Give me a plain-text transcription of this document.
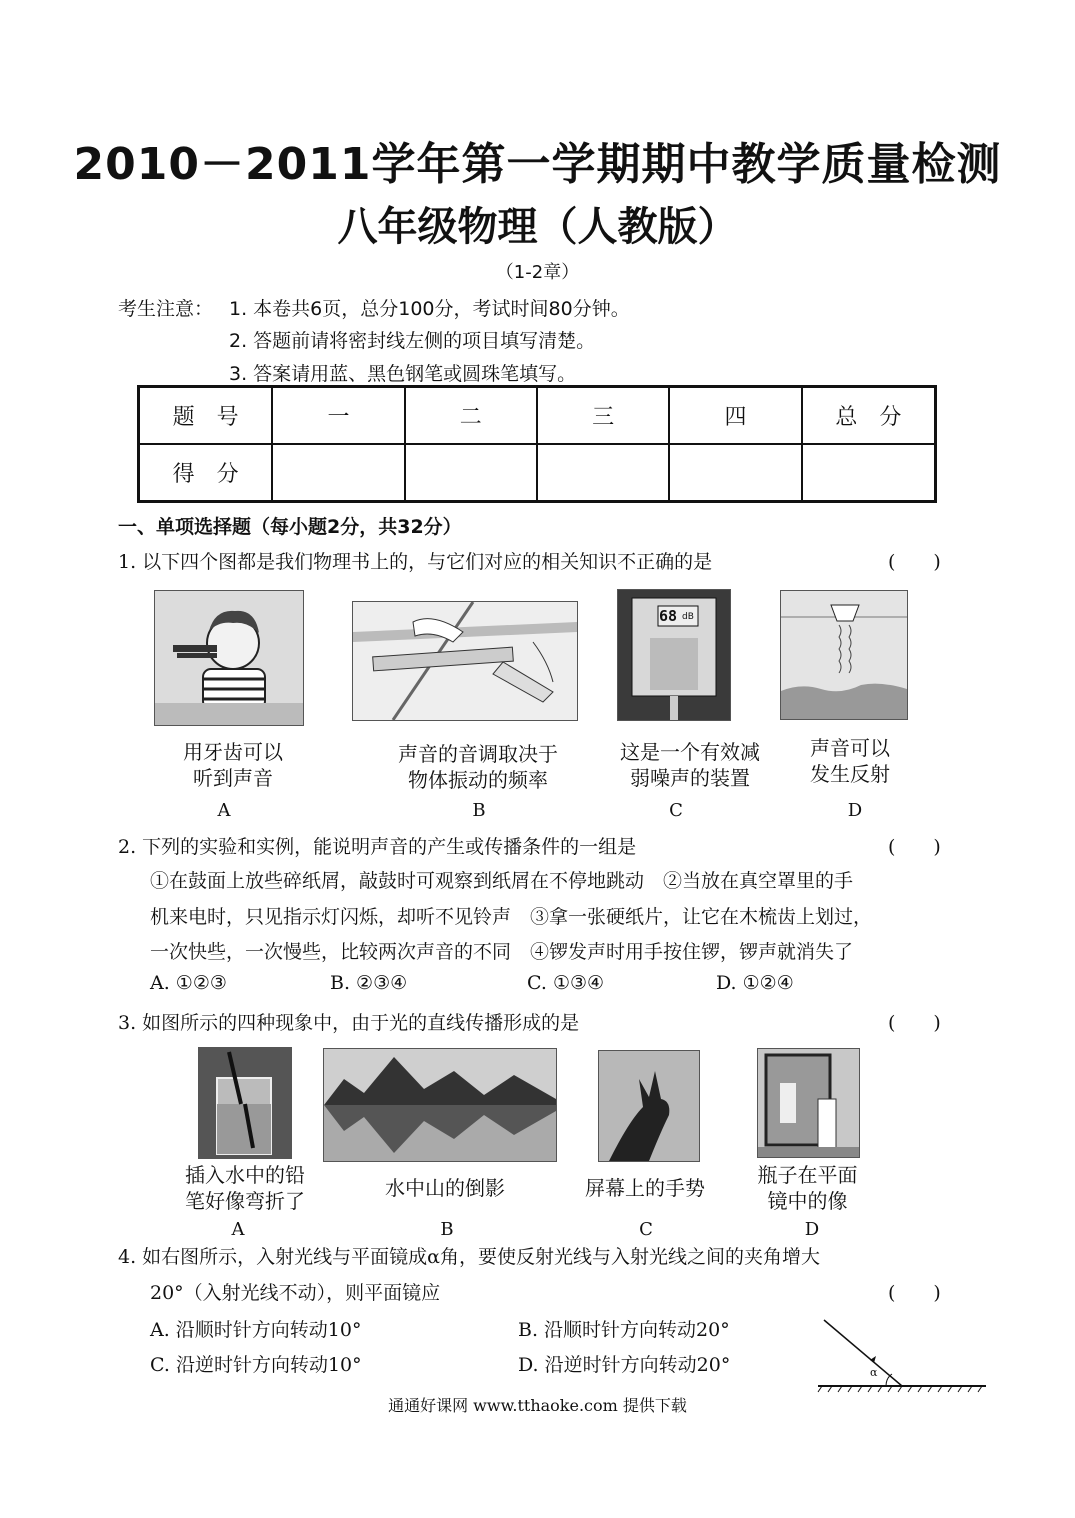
2010－2011学年第一学期期中教学质量检测
八年级物理（人教版）
（1-2章）
考生注意： 1. 本卷共6页，总分100分，考试时间80分钟。
2. 答题前请将密封线左侧的项目填写清楚。
3. 答案请用蓝、黑色钢笔或圆珠笔填写。
题　号	一	二	三	四	总　分
得　分					
一、单项选择题（每小题2分，共32分）
1. 以下四个图都是我们物理书上的，与它们对应的相关知识不正确的是	(　　)
用牙齿可以
听到声音
A
声音的音调取决于
物体振动的频率
B
68 dB
这是一个有效减
弱噪声的装置
C
声音可以
发生反射
D
2. 下列的实验和实例，能说明声音的产生或传播条件的一组是	(　　)
①在鼓面上放些碎纸屑，敲鼓时可观察到纸屑在不停地跳动　②当放在真空罩里的手
机来电时，只见指示灯闪烁，却听不见铃声　③拿一张硬纸片，让它在木梳齿上划过，
一次快些，一次慢些，比较两次声音的不同　④锣发声时用手按住锣，锣声就消失了
A. ①②③	B. ②③④	C. ①③④	D. ①②④
3. 如图所示的四种现象中，由于光的直线传播形成的是	(　　)
插入水中的铅
笔好像弯折了
A
水中山的倒影
B
屏幕上的手势
C
瓶子在平面
镜中的像
D
4. 如右图所示，入射光线与平面镜成α角，要使反射光线与入射光线之间的夹角增大
20°（入射光线不动），则平面镜应	(　　)
A. 沿顺时针方向转动10°	B. 沿顺时针方向转动20°
C. 沿逆时针方向转动10°	D. 沿逆时针方向转动20°	α
通通好课网 www.tthaoke.com 提供下载
